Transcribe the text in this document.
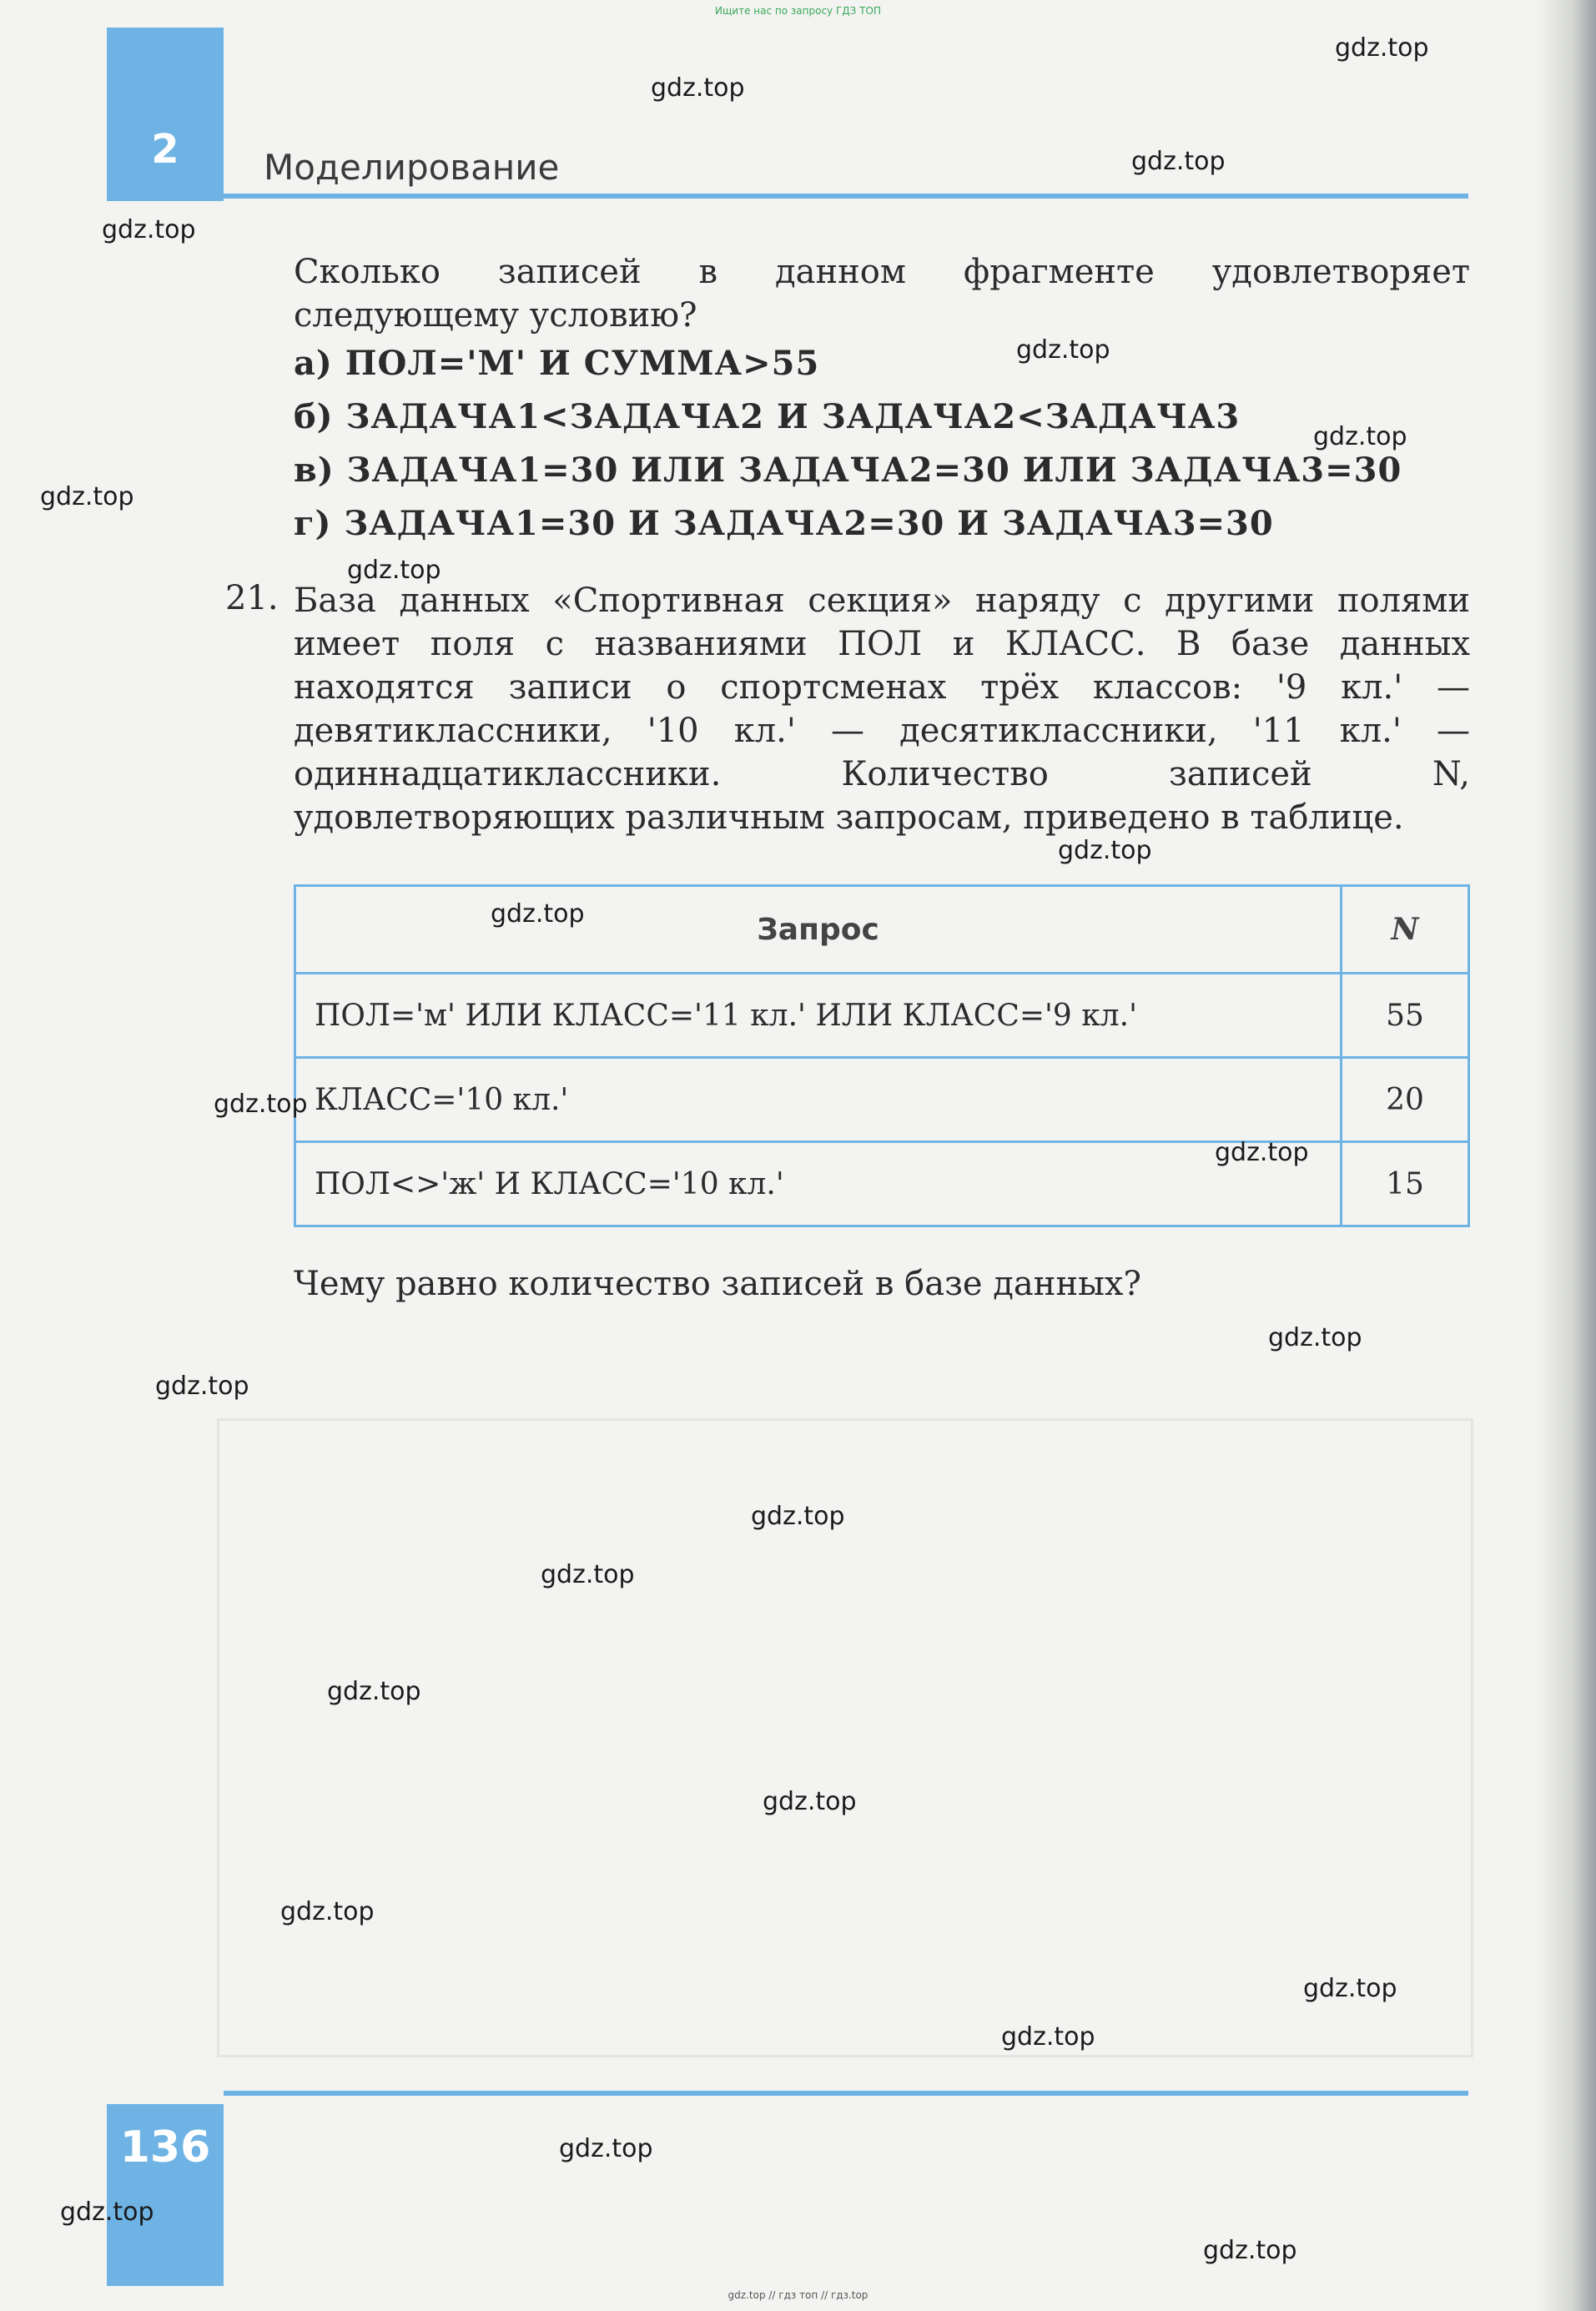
Ищите нас по запросу ГДЗ ТОП
2	Моделирование
Сколько записей в данном фрагменте удовлетворяет следующему условию?
а) ПОЛ='М' И СУММА>55
б) ЗАДАЧА1<ЗАДАЧА2 И ЗАДАЧА2<ЗАДАЧА3
в) ЗАДАЧА1=30 ИЛИ ЗАДАЧА2=30 ИЛИ ЗАДАЧА3=30
г) ЗАДАЧА1=30 И ЗАДАЧА2=30 И ЗАДАЧА3=30
21. База данных «Спортивная секция» наряду с другими полями имеет поля с названиями ПОЛ и КЛАСС. В базе данных находятся записи о спортсменах трёх классов: '9 кл.' — девятиклассники, '10 кл.' — десятиклассники, '11 кл.' — одиннадцатиклассники. Количество записей N, удовлетворяющих различным запросам, приведено в таблице.
Запрос	N
ПОЛ='м' ИЛИ КЛАСС='11 кл.' ИЛИ КЛАСС='9 кл.'	55
КЛАСС='10 кл.'	20
ПОЛ<>'ж' И КЛАСС='10 кл.'	15
Чему равно количество записей в базе данных?
136
gdz.top // гдз топ // гдз.top
gdz.top
gdz.top
gdz.top
gdz.top
gdz.top
gdz.top
gdz.top
gdz.top
gdz.top
gdz.top
gdz.top
gdz.top
gdz.top
gdz.top
gdz.top
gdz.top
gdz.top
gdz.top
gdz.top
gdz.top
gdz.top
gdz.top
gdz.top
gdz.top
